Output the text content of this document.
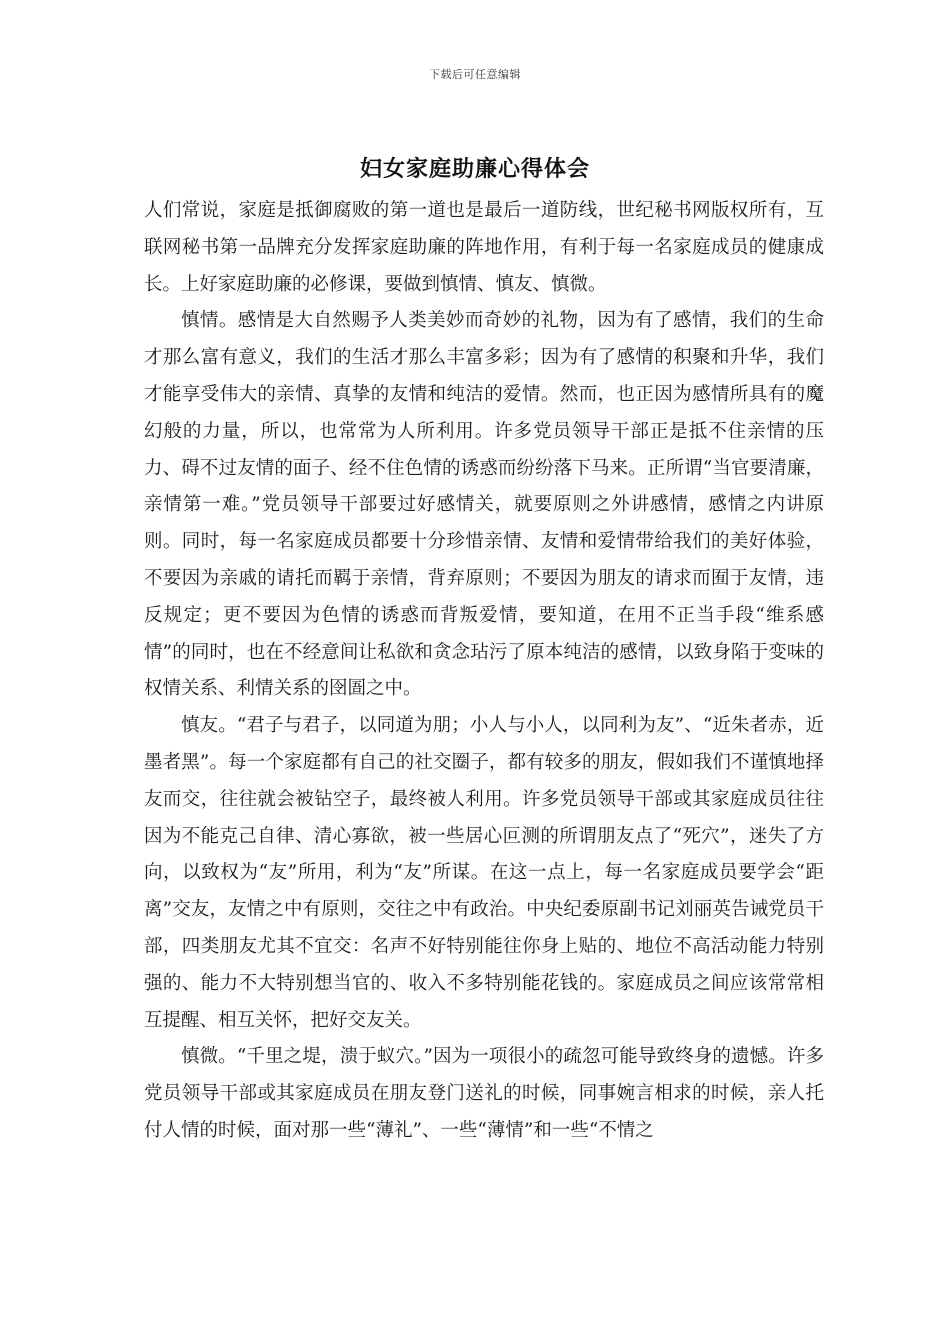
下载后可任意编辑
妇女家庭助廉心得体会

人们常说，家庭是抵御腐败的第一道也是最后一道防线，世纪秘书网版权所有，互联网秘书第一品牌充分发挥家庭助廉的阵地作用，有利于每一名家庭成员的健康成长。上好家庭助廉的必修课，要做到慎情、慎友、慎微。

慎情。感情是大自然赐予人类美妙而奇妙的礼物，因为有了感情，我们的生命才那么富有意义，我们的生活才那么丰富多彩；因为有了感情的积聚和升华，我们才能享受伟大的亲情、真挚的友情和纯洁的爱情。然而，也正因为感情所具有的魔幻般的力量，所以，也常常为人所利用。许多党员领导干部正是抵不住亲情的压力、碍不过友情的面子、经不住色情的诱惑而纷纷落下马来。正所谓“当官要清廉，亲情第一难。”党员领导干部要过好感情关，就要原则之外讲感情，感情之内讲原则。同时，每一名家庭成员都要十分珍惜亲情、友情和爱情带给我们的美好体验，不要因为亲戚的请托而羁于亲情，背弃原则；不要因为朋友的请求而囿于友情，违反规定；更不要因为色情的诱惑而背叛爱情，要知道，在用不正当手段“维系感情”的同时，也在不经意间让私欲和贪念玷污了原本纯洁的感情，以致身陷于变味的权情关系、利情关系的囹圄之中。

慎友。“君子与君子，以同道为朋；小人与小人，以同利为友”、“近朱者赤，近墨者黑”。每一个家庭都有自己的社交圈子，都有较多的朋友，假如我们不谨慎地择友而交，往往就会被钻空子，最终被人利用。许多党员领导干部或其家庭成员往往因为不能克己自律、清心寡欲，被一些居心叵测的所谓朋友点了“死穴”，迷失了方向，以致权为“友”所用，利为“友”所谋。在这一点上，每一名家庭成员要学会“距离”交友，友情之中有原则，交往之中有政治。中央纪委原副书记刘丽英告诫党员干部，四类朋友尤其不宜交：名声不好特别能往你身上贴的、地位不高活动能力特别强的、能力不大特别想当官的、收入不多特别能花钱的。家庭成员之间应该常常相互提醒、相互关怀，把好交友关。

慎微。“千里之堤，溃于蚁穴。”因为一项很小的疏忽可能导致终身的遗憾。许多党员领导干部或其家庭成员在朋友登门送礼的时候，同事婉言相求的时候，亲人托付人情的时候，面对那一些“薄礼”、一些“薄情”和一些“不情之
